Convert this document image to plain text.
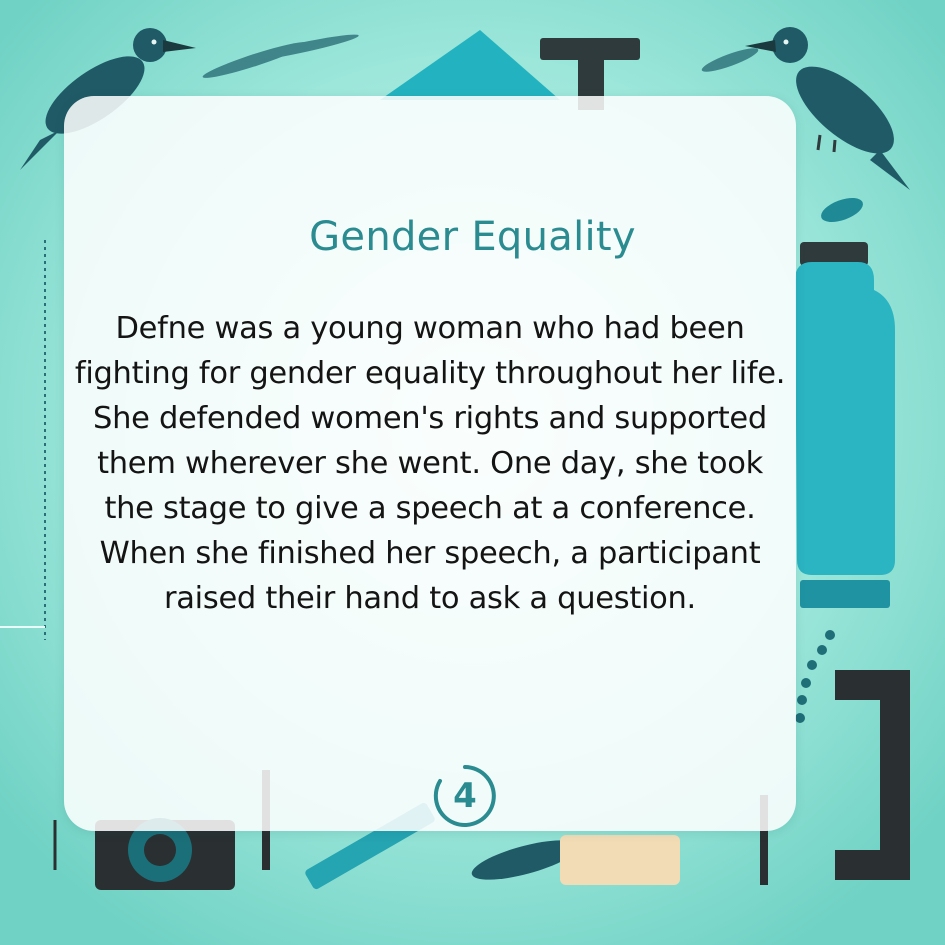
Gender Equality

Defne was a young woman who had been fighting for gender equality throughout her life. She defended women's rights and supported them wherever she went. One day, she took the stage to give a speech at a conference. When she finished her speech, a participant raised their hand to ask a question.

4
